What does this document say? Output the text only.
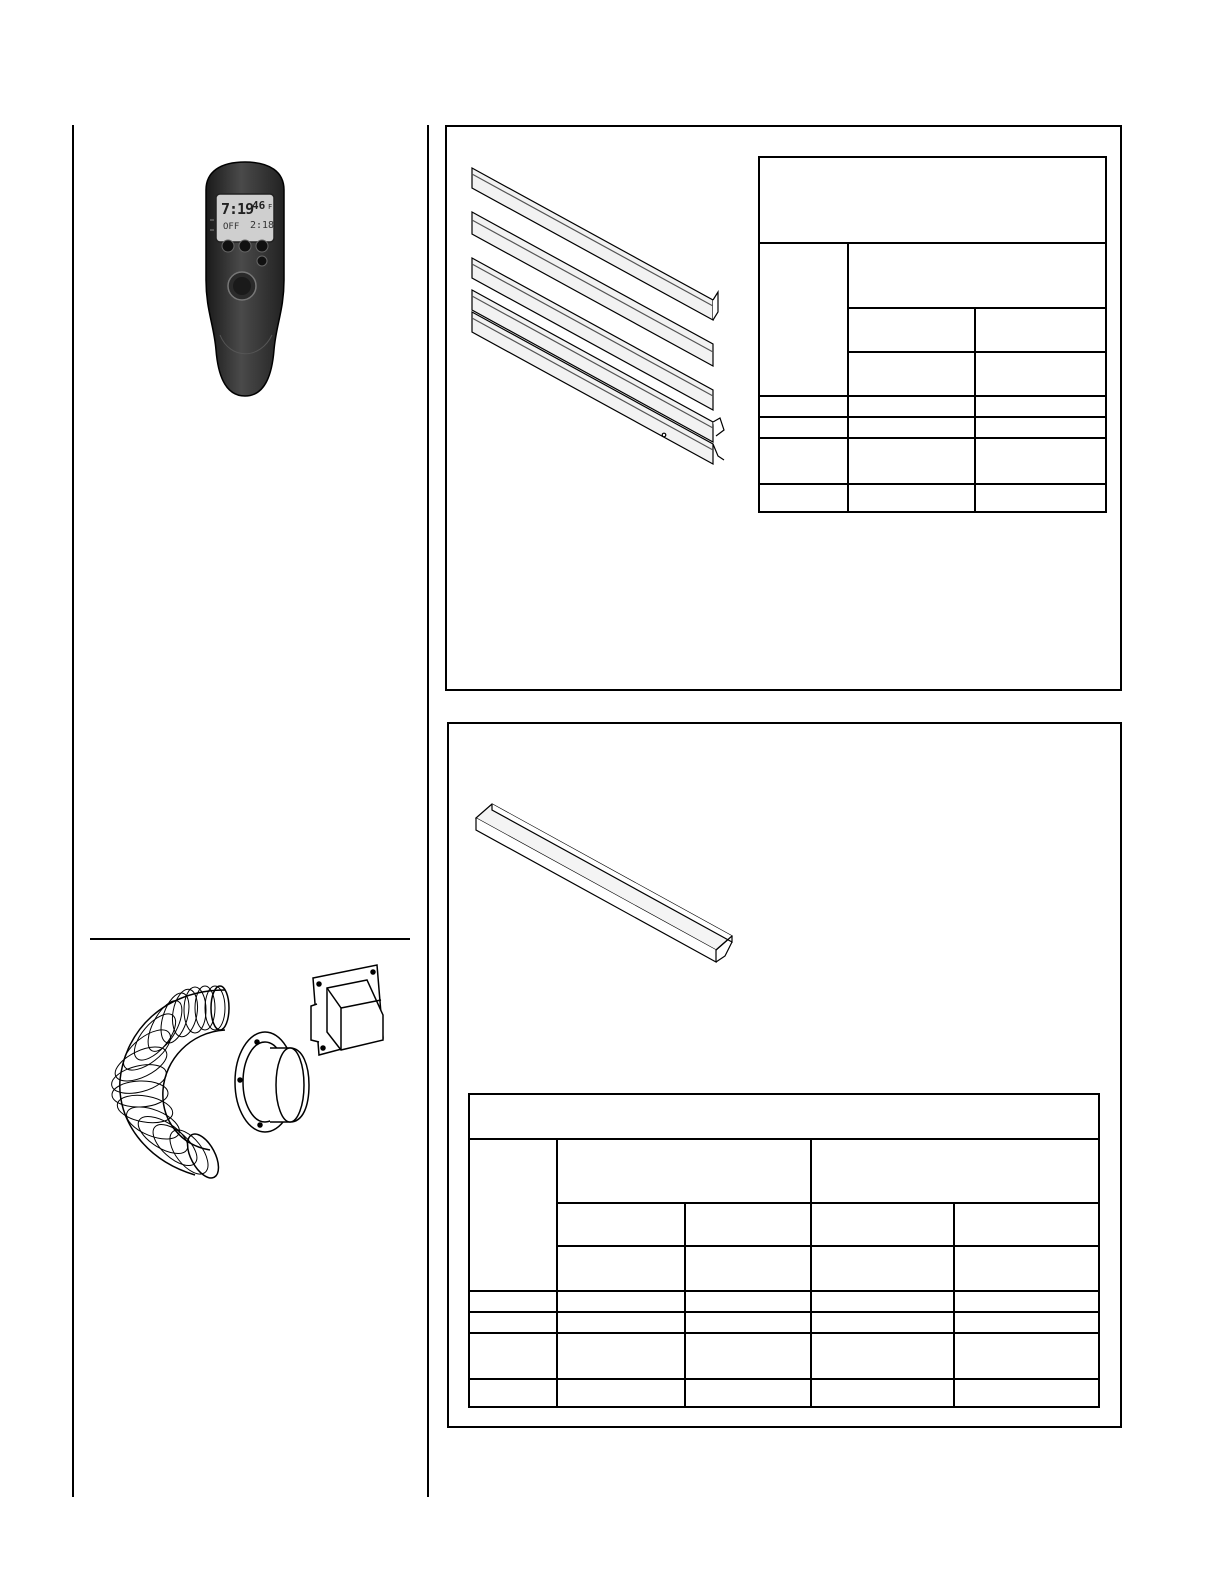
7:19
46 F
OFF 2:18
